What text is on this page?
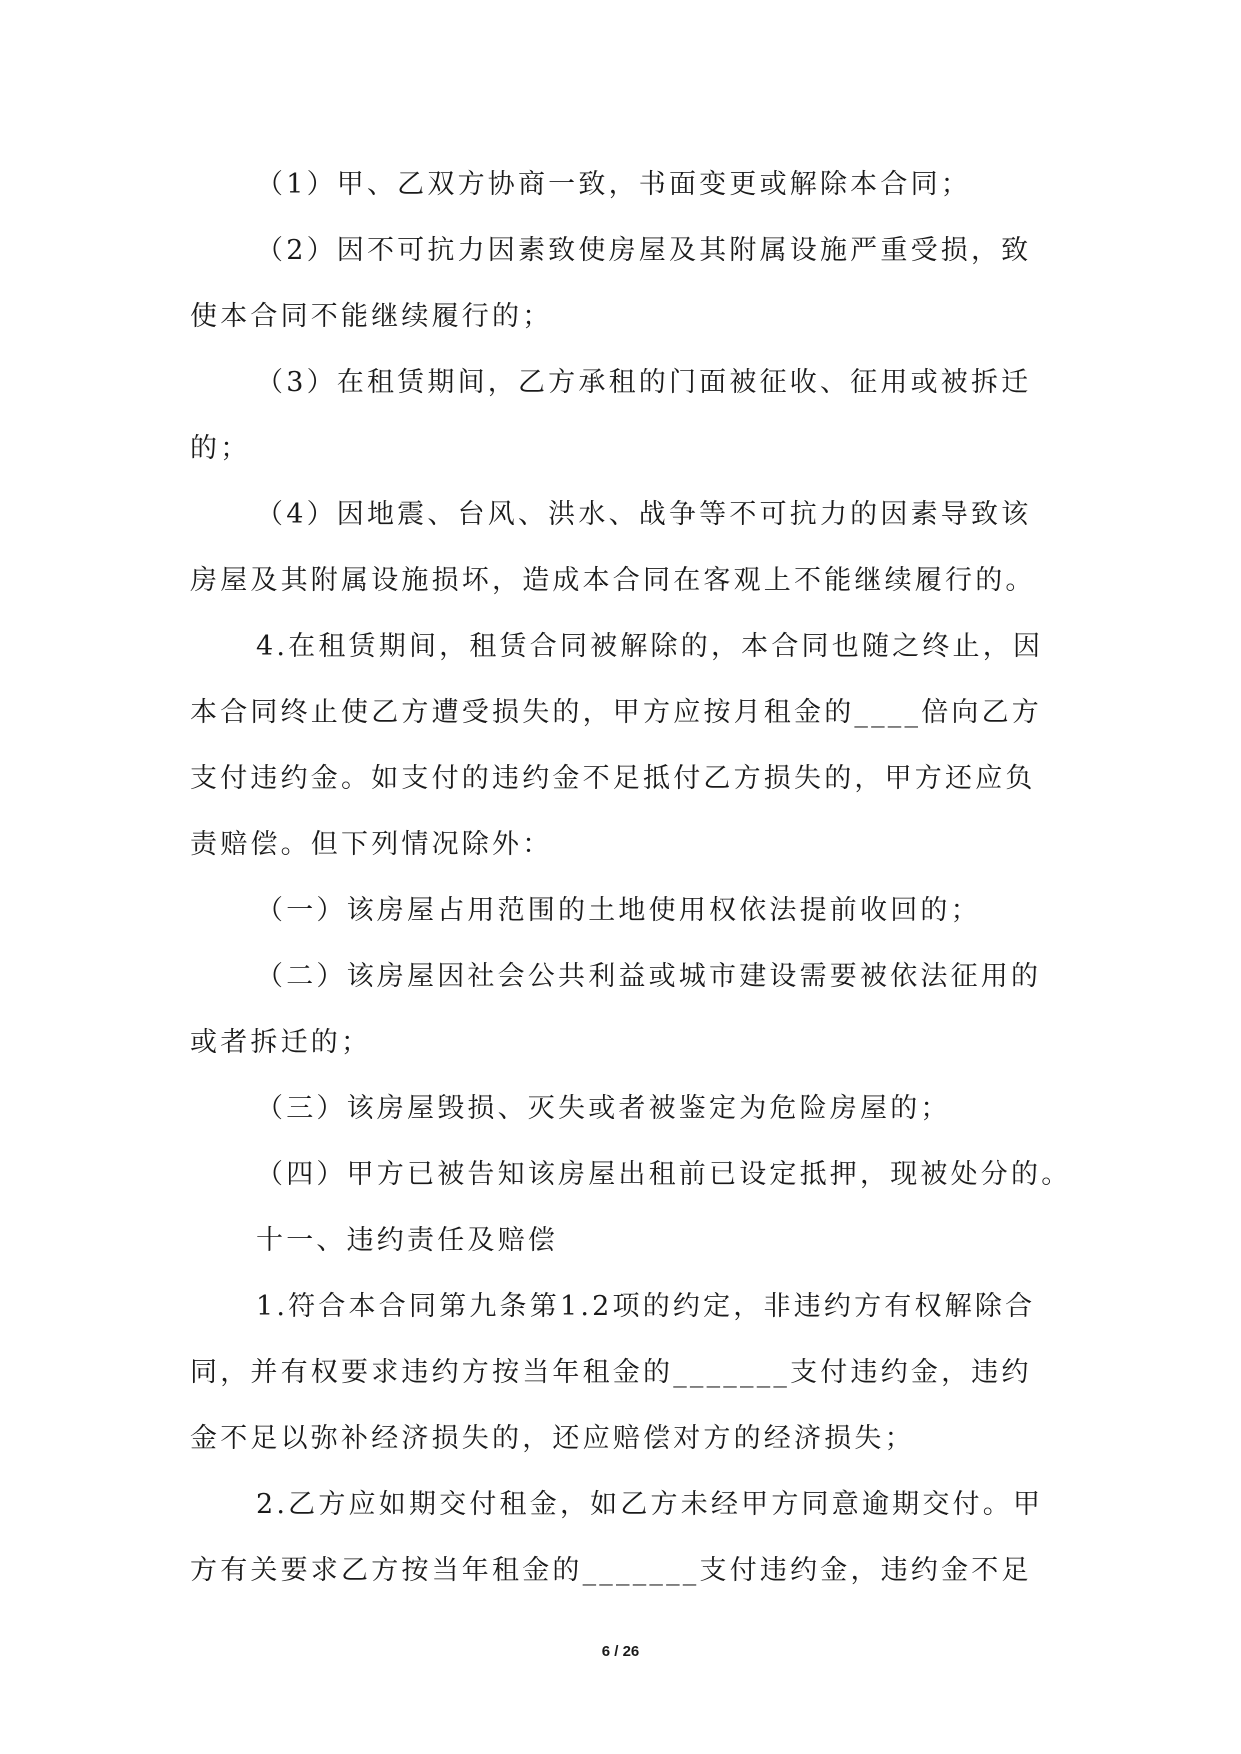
（1）甲、乙双方协商一致，书面变更或解除本合同；
（2）因不可抗力因素致使房屋及其附属设施严重受损，致
使本合同不能继续履行的；
（3）在租赁期间，乙方承租的门面被征收、征用或被拆迁
的；
（4）因地震、台风、洪水、战争等不可抗力的因素导致该
房屋及其附属设施损坏，造成本合同在客观上不能继续履行的。
4.在租赁期间，租赁合同被解除的，本合同也随之终止，因
本合同终止使乙方遭受损失的，甲方应按月租金的____倍向乙方
支付违约金。如支付的违约金不足抵付乙方损失的，甲方还应负
责赔偿。但下列情况除外：
（一）该房屋占用范围的土地使用权依法提前收回的；
（二）该房屋因社会公共利益或城市建设需要被依法征用的
或者拆迁的；
（三）该房屋毁损、灭失或者被鉴定为危险房屋的；
（四）甲方已被告知该房屋出租前已设定抵押，现被处分的。
十一、违约责任及赔偿
1.符合本合同第九条第1.2项的约定，非违约方有权解除合
同，并有权要求违约方按当年租金的_______支付违约金，违约
金不足以弥补经济损失的，还应赔偿对方的经济损失；
2.乙方应如期交付租金，如乙方未经甲方同意逾期交付。甲
方有关要求乙方按当年租金的_______支付违约金，违约金不足
6 / 26
